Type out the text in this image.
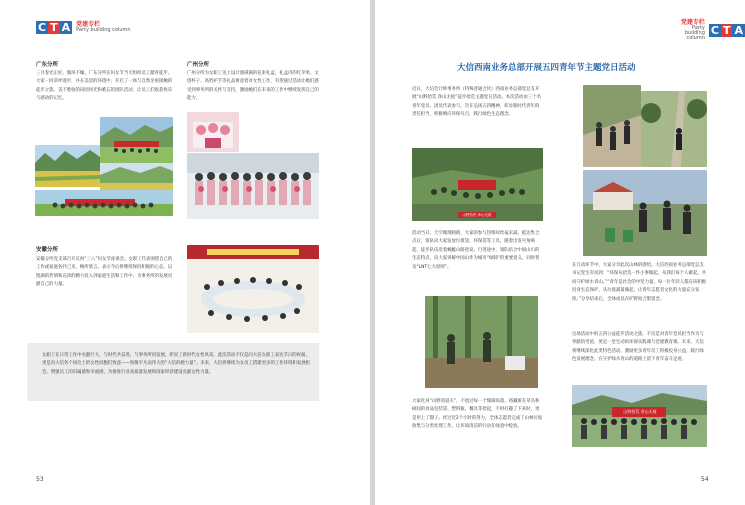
C T A	党建专栏
Party building column
广东分所

三月春光正好，微风不燥。广东分所在妇女节当天组织员工踏青徒步。大家一同草坪漫步，并在美景的环绕中，开启了一场与自然亲密接触的徒步之旅。美不胜收的田园风光和难忘的团队活动，让员工们收获快乐与感动的记忆。

广州分所

广州分所为女职工送上设计感满满的花束礼盒，礼盒内的红苹果、文创杯子、高档护手等礼品寓意着对女性工作，有望通过活动让她们感受到事务所的关怀与支持，激励她们在未来的工作中继续发挥自己的能力。

安徽分所

安徽分所党支部召开庆祝“三八”妇女节座谈会。女职工代表围绕自己的工作或家庭各抒己见，畅所欲言。表示今后将继续保持积极的心态，以饱满的热情和充沛的精力投入到家庭生活和工作中，为事务所的发展贡献自己的力量。

女职工在日常工作中贡献巨大，与时代共奋进，与事务所同发展，彰显了新时代女性风采。此次活动不仅是向大信女职工表达节日的祝福，更是向大信各个岗位上的女性同胞们致意——致敬平凡而伟大的“大信的她力量”。未来，大信将继续为女员工搭建更多的工作环境和发展机会，增强员工的归属感和幸福感，为推进行业高质量发展和国家经济建设贡献女性力量。

53
C T A
党建专栏
Party building column
大信西南业务总部开展五四青年节主题党日活动

近日，大信会计师事务所（特殊普通合伙）西南业务总部党总支开展“山野拾荒 净山无痕”徒步拾荒主题党日活动。本次活动由三十名青年党员、团员代表参与，旨在弘扬五四精神，彰显新时代青年的责任担当，积极响应环保号召，践行绿色生态理念。

山野拾荒 净山无痕

活动当日，天空微现晴朗，大家的参与热情却丝毫未减。抵达集合点后，领队向大家发放垃圾袋、环保袋等工具，随着出发号角响起，徒步队伍沿着蜿蜒山路进发。行进途中，领队结合中国山川的生态特点，向大家讲解中国山作为城市“绿肺”的重要意义，同时普及“LNT七大原则”。

大家化身“山野清道夫”，不放过每一个缝隙角落，将藏匿在草丛和树间的食品包装袋、塑料瓶、餐具等拾起，不时打趣了下来时，更是用上了镊子。经过近2个小时的努力，全体志愿者完成了山林垃圾收集与分类处理工作，让环境清洁的行动在绿意中绽放。

在互动环节中，大家分享此次山林的感悟。大信西南业务总部党总支书记党生有说到：“环保从拾荒一件小事做起，从我们每个人做起，共同守护绿水青山。”“青年是社会的中坚力量，每一位年轻人都应该积极投身生态保护，从垃圾减量做起，让青年志愿者文化的力量充分发挥。”分享结束后，全体成员在旷野间合影留念。

这场活动中的五四公益徒步活动之旅，不仅是对青年党员担当作为与奉献的考验，更是一堂生动的环保实践课与党建教育课。未来，大信将继续深化此类特色活动，激励更多青年员工积极投身公益，践行绿色发展理念，在守护绿水青山的道路上留下青年奋斗足迹。

山野拾荒 净山无痕
54
